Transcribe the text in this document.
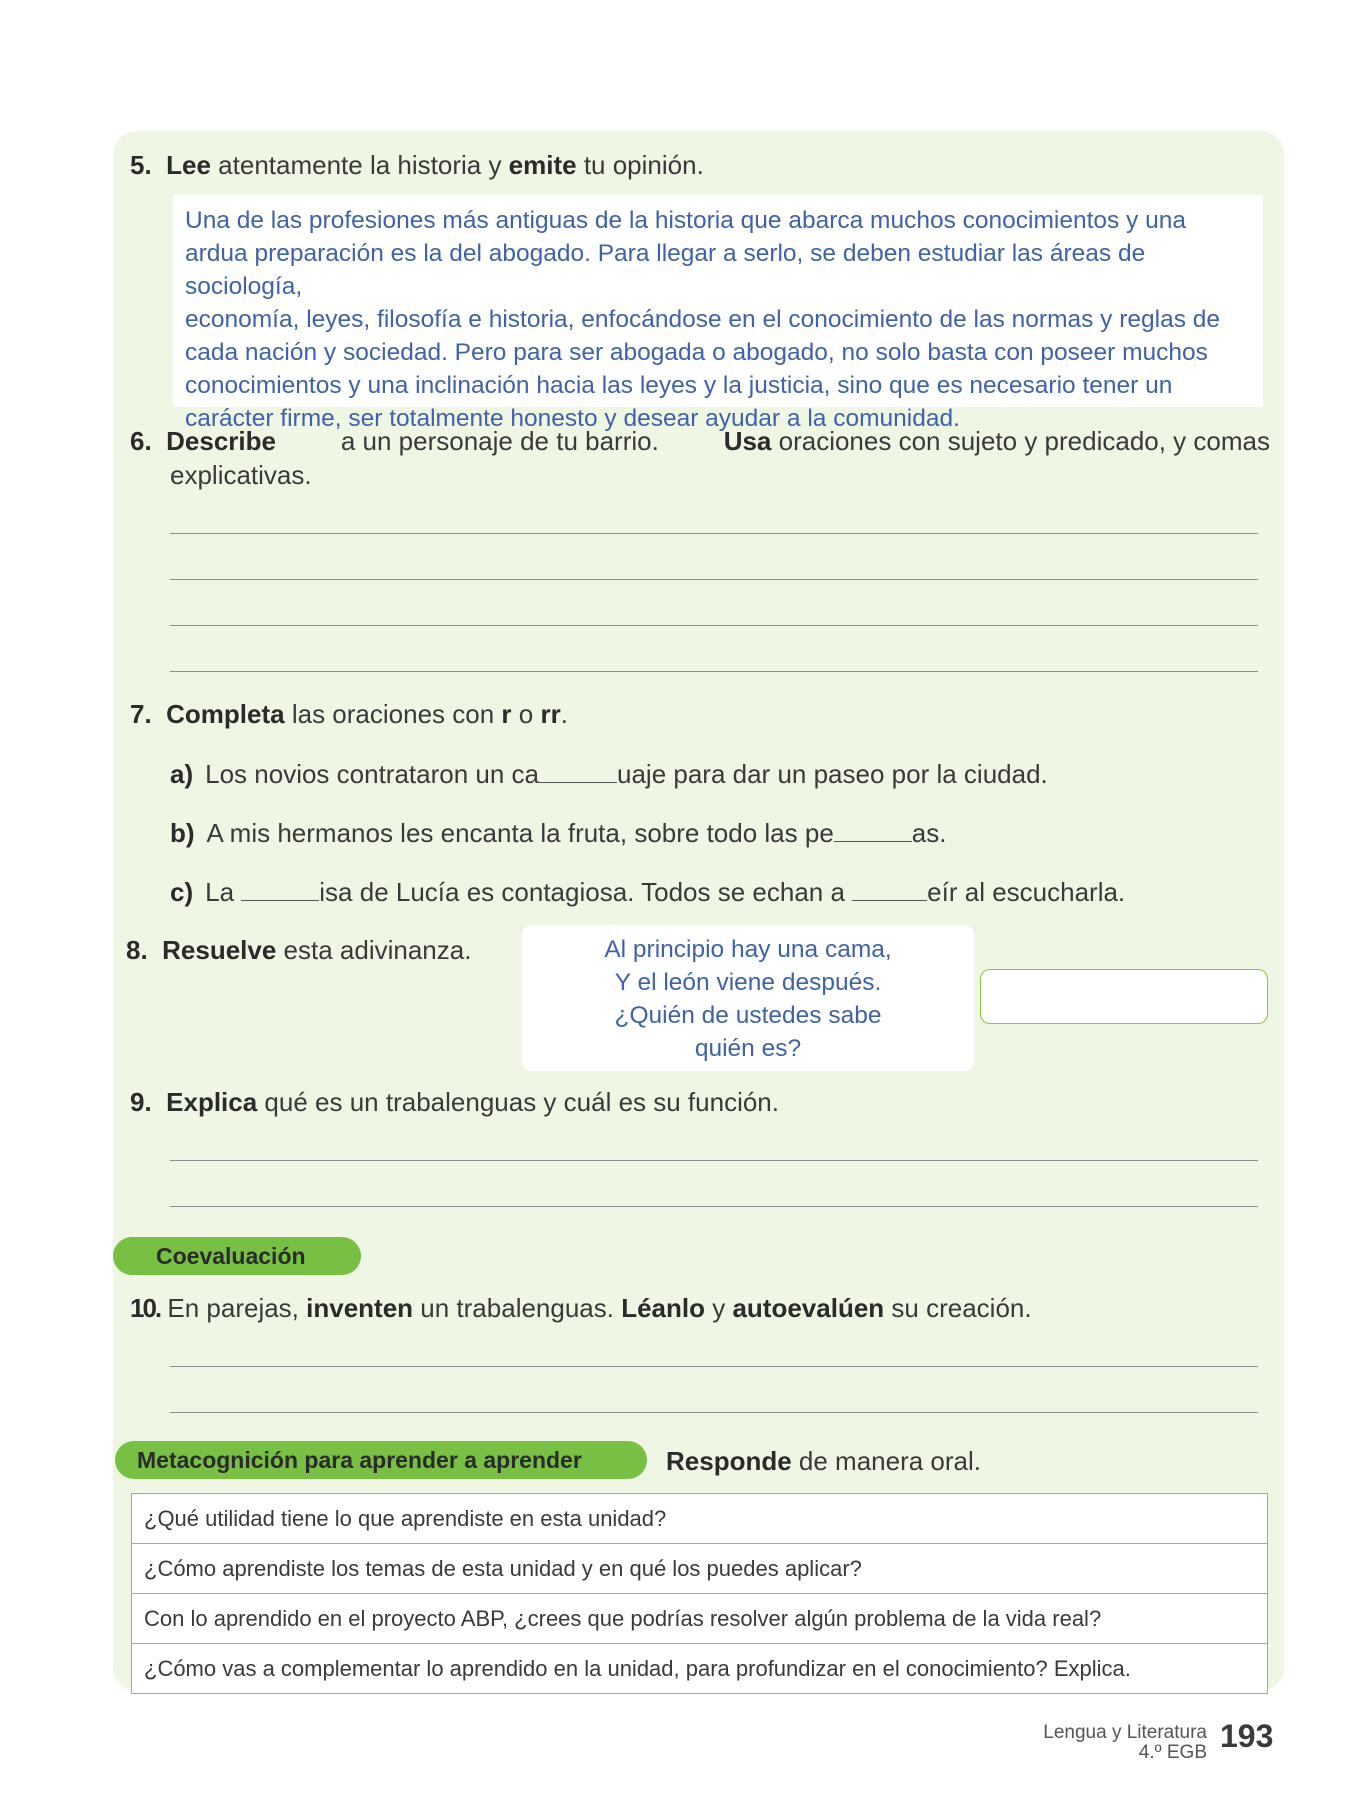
5. Lee atentamente la historia y emite tu opinión.

Una de las profesiones más antiguas de la historia que abarca muchos conocimientos y una

ardua preparación es la del abogado. Para llegar a serlo, se deben estudiar las áreas de sociología,

economía, leyes, filosofía e historia, enfocándose en el conocimiento de las normas y reglas de

cada nación y sociedad. Pero para ser abogada o abogado, no solo basta con poseer muchos

conocimientos y una inclinación hacia las leyes y la justicia, sino que es necesario tener un

carácter firme, ser totalmente honesto y desear ayudar a la comunidad.

6. Describe	a un personaje de tu barrio.	Usa oraciones con sujeto y predicado, y comas
explicativas.
7. Completa las oraciones con r o rr.
a) Los novios contrataron un ca	uaje para dar un paseo por la ciudad.
b) A mis hermanos les encanta la fruta, sobre todo las pe	as.
c) La	isa de Lucía es contagiosa. Todos se echan a	eír al escucharla.
8. Resuelve esta adivinanza.	Al principio hay una cama,
Y el león viene después.
¿Quién de ustedes sabe
quién es?
9. Explica qué es un trabalenguas y cuál es su función.
Coevaluación
10. En parejas, inventen un trabalenguas. Léanlo y autoevalúen su creación.
Metacognición para aprender a aprender	Responde de manera oral.
¿Qué utilidad tiene lo que aprendiste en esta unidad?
¿Cómo aprendiste los temas de esta unidad y en qué los puedes aplicar?
Con lo aprendido en el proyecto ABP, ¿crees que podrías resolver algún problema de la vida real?
¿Cómo vas a complementar lo aprendido en la unidad, para profundizar en el conocimiento? Explica.
Lengua y Literatura
4.º EGB 193
